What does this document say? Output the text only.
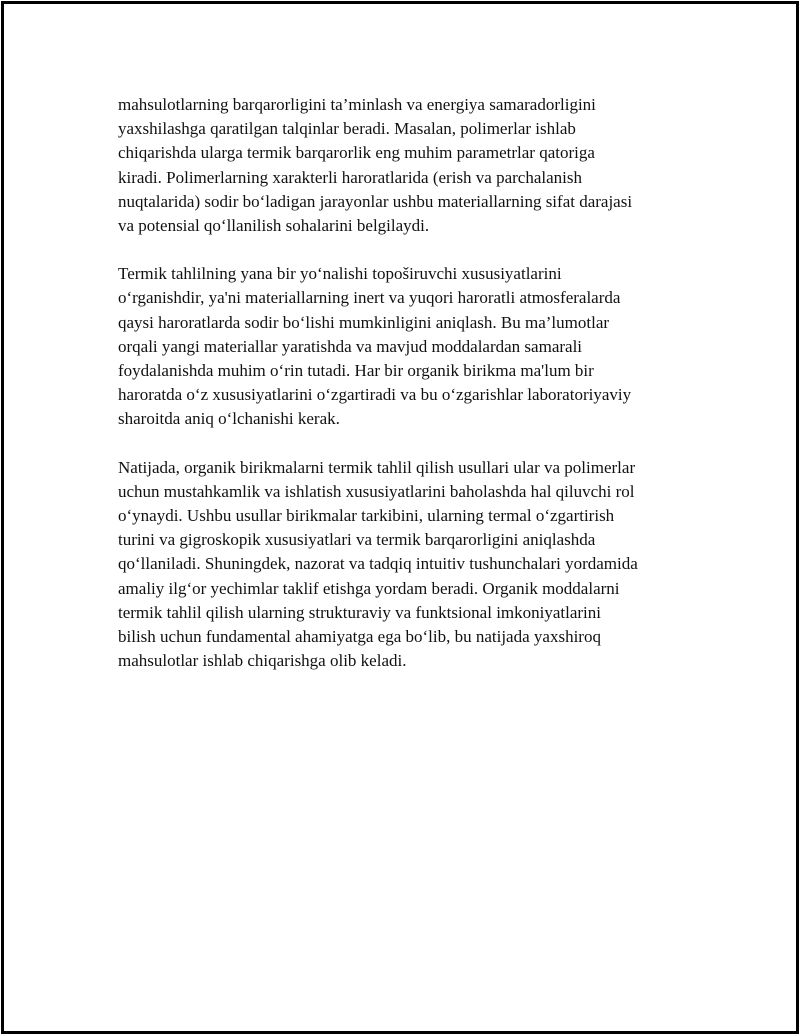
mahsulotlarning barqarorligini ta’minlash va energiya samaradorligini
yaxshilashga qaratilgan talqinlar beradi. Masalan, polimerlar ishlab
chiqarishda ularga termik barqarorlik eng muhim parametrlar qatoriga
kiradi. Polimerlarning xarakterli haroratlarida (erish va parchalanish
nuqtalarida) sodir bo‘ladigan jarayonlar ushbu materiallarning sifat darajasi
va potensial qo‘llanilish sohalarini belgilaydi.

Termik tahlilning yana bir yo‘nalishi topoširuvchi xususiyatlarini
o‘rganishdir, ya'ni materiallarning inert va yuqori haroratli atmosferalarda
qaysi haroratlarda sodir bo‘lishi mumkinligini aniqlash. Bu ma’lumotlar
orqali yangi materiallar yaratishda va mavjud moddalardan samarali
foydalanishda muhim o‘rin tutadi. Har bir organik birikma ma'lum bir
haroratda o‘z xususiyatlarini o‘zgartiradi va bu o‘zgarishlar laboratoriyaviy
sharoitda aniq o‘lchanishi kerak.

Natijada, organik birikmalarni termik tahlil qilish usullari ular va polimerlar
uchun mustahkamlik va ishlatish xususiyatlarini baholashda hal qiluvchi rol
o‘ynaydi. Ushbu usullar birikmalar tarkibini, ularning termal o‘zgartirish
turini va gigroskopik xususiyatlari va termik barqarorligini aniqlashda
qo‘llaniladi. Shuningdek, nazorat va tadqiq intuitiv tushunchalari yordamida
amaliy ilg‘or yechimlar taklif etishga yordam beradi. Organik moddalarni
termik tahlil qilish ularning strukturaviy va funktsional imkoniyatlarini
bilish uchun fundamental ahamiyatga ega bo‘lib, bu natijada yaxshiroq
mahsulotlar ishlab chiqarishga olib keladi.
